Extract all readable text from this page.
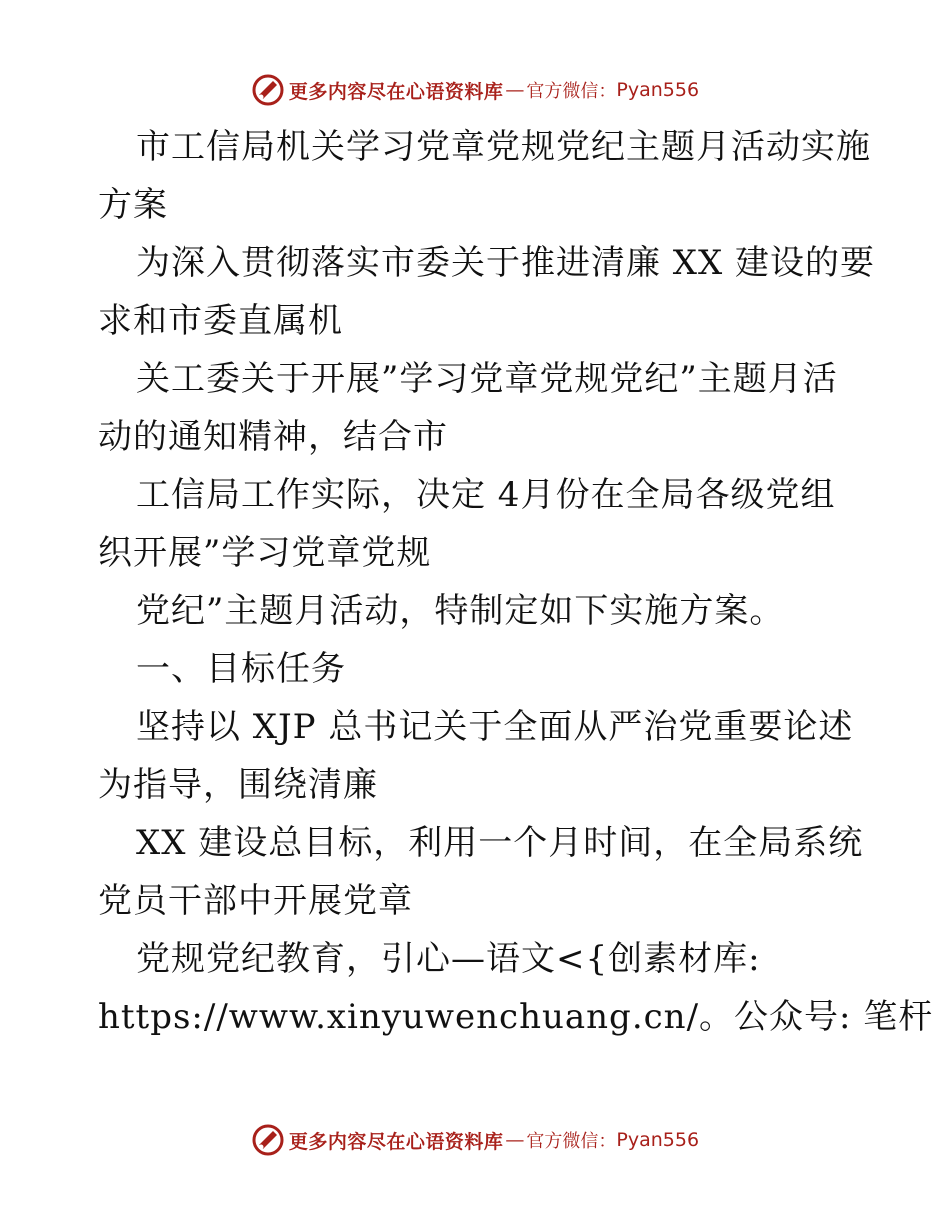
更多内容尽在心语资料库 — 官方微信： Pyan556
市工信局机关学习党章党规党纪主题月活动实施
方案
为深入贯彻落实市委关于推进清廉 XX 建设的要
求和市委直属机
关工委关于开展”学习党章党规党纪”主题月活
动的通知精神，结合市
工信局工作实际，决定 4月份在全局各级党组
织开展”学习党章党规
党纪”主题月活动，特制定如下实施方案。
一、目标任务
坚持以 XJP 总书记关于全面从严治党重要论述
为指导，围绕清廉
XX 建设总目标，利用一个月时间，在全局系统
党员干部中开展党章
党规党纪教育，引心—语文<{创素材库:
https://www.xinyuwenchuang.cn/。公众号: 笔杆
更多内容尽在心语资料库 — 官方微信： Pyan556
